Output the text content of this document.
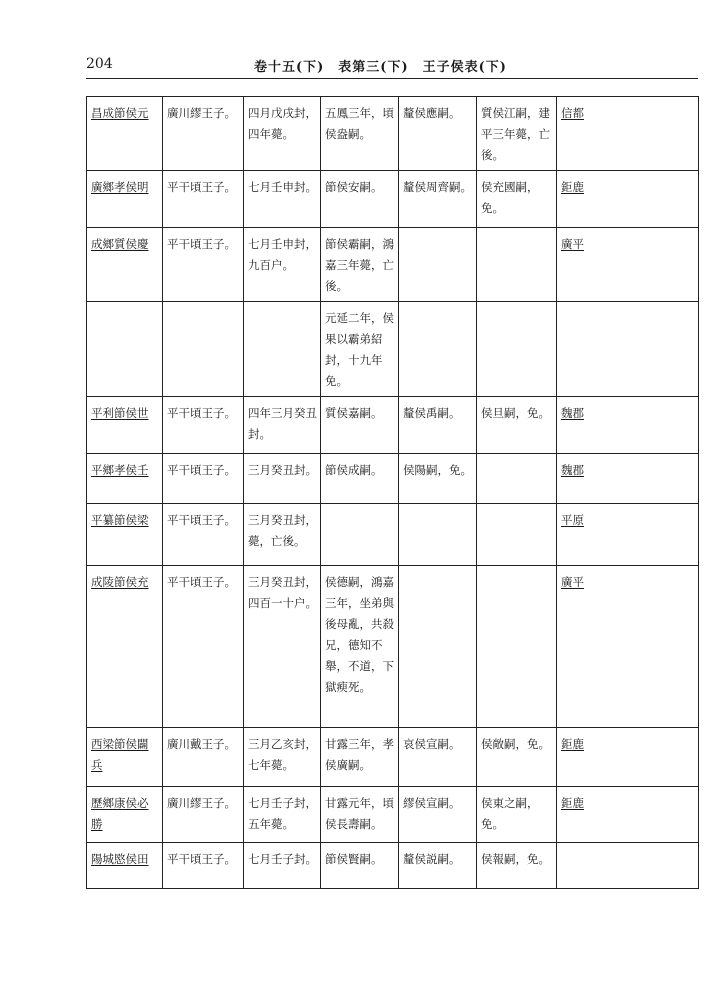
204	卷十五(下)　表第三(下)　王子侯表(下)
昌成節侯元	廣川繆王子。	四月戊戌封，四年薨。	五鳳三年，頃侯盎嗣。	釐侯應嗣。	質侯江嗣，建平三年薨，亡後。	信都
廣鄉孝侯明	平干頃王子。	七月壬申封。	節侯安嗣。	釐侯周齊嗣。	侯充國嗣，免。	鉅鹿
成鄉質侯慶	平干頃王子。	七月壬申封，九百户。	節侯霸嗣，鴻嘉三年薨，亡後。			廣平
			元延二年，侯果以霸弟紹封，十九年免。			
平利節侯世	平干頃王子。	四年三月癸丑封。	質侯嘉嗣。	釐侯禹嗣。	侯旦嗣，免。	魏郡
平鄉孝侯壬	平干頃王子。	三月癸丑封。	節侯成嗣。	侯陽嗣，免。		魏郡
平纂節侯梁	平干頃王子。	三月癸丑封，薨，亡後。				平原
成陵節侯充	平干頃王子。	三月癸丑封，四百一十户。	侯德嗣，鴻嘉三年，坐弟與後母亂，共殺兄，德知不舉，不道，下獄瘐死。			廣平
西梁節侯闢兵	廣川戴王子。	三月乙亥封，七年薨。	甘露三年，孝侯廣嗣。	哀侯宣嗣。	侯敞嗣，免。	鉅鹿
歷鄉康侯必勝	廣川繆王子。	七月壬子封，五年薨。	甘露元年，頃侯長壽嗣。	繆侯宣嗣。	侯東之嗣，免。	鉅鹿
陽城愍侯田	平干頃王子。	七月壬子封。	節侯賢嗣。	釐侯説嗣。	侯報嗣，免。	
